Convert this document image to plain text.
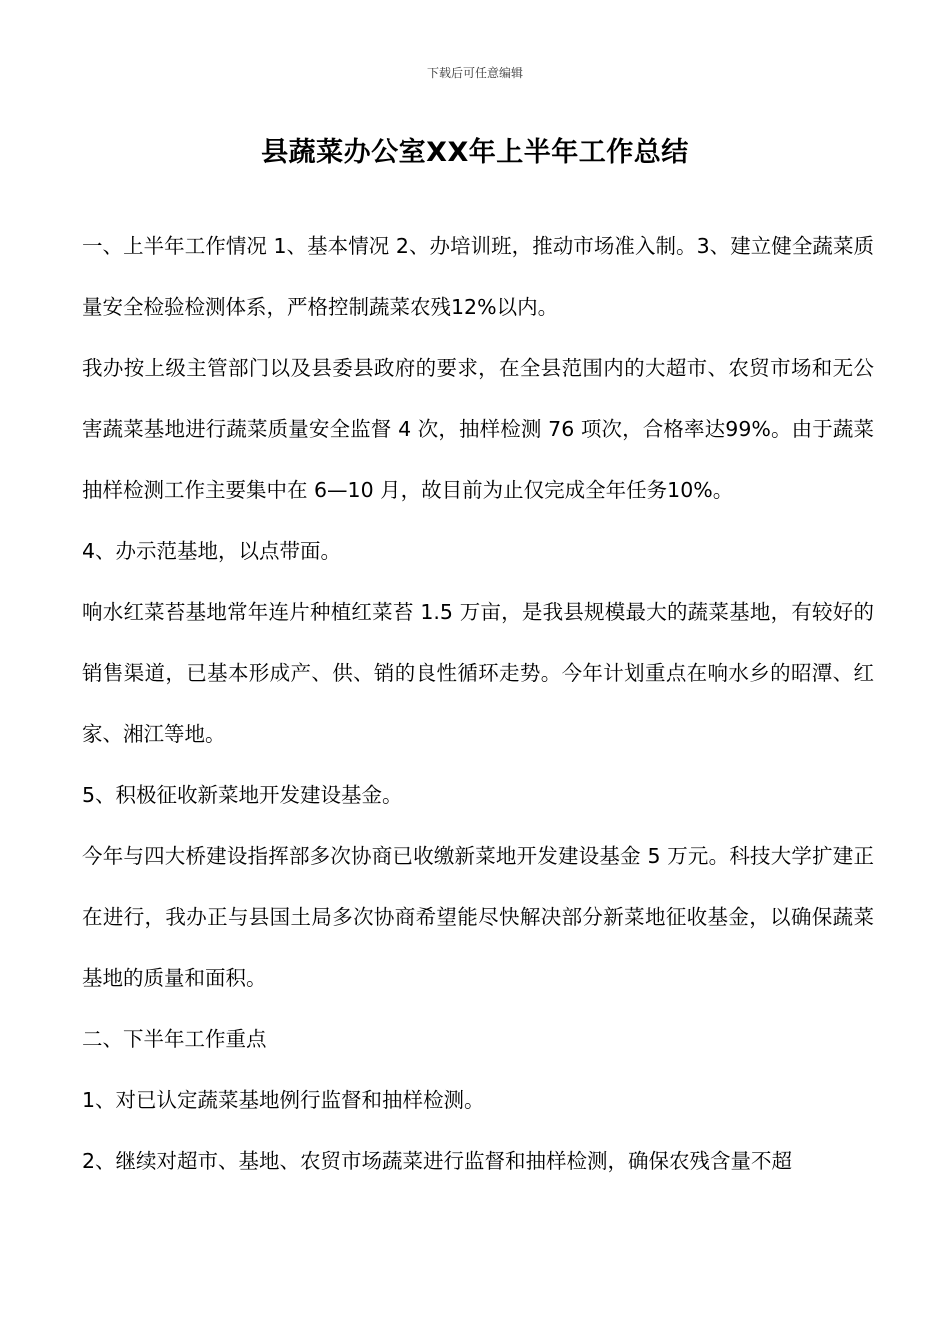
下载后可任意编辑
县蔬菜办公室XX年上半年工作总结

一、上半年工作情况 1、基本情况 2、办培训班，推动市场准入制。3、建立健全蔬菜质量安全检验检测体系，严格控制蔬菜农残12%以内。

我办按上级主管部门以及县委县政府的要求，在全县范围内的大超市、农贸市场和无公害蔬菜基地进行蔬菜质量安全监督 4 次，抽样检测 76 项次，合格率达99%。由于蔬菜抽样检测工作主要集中在 6—10 月，故目前为止仅完成全年任务10%。

4、办示范基地，以点带面。

响水红菜苔基地常年连片种植红菜苔 1.5 万亩，是我县规模最大的蔬菜基地，有较好的销售渠道，已基本形成产、供、销的良性循环走势。今年计划重点在响水乡的昭潭、红家、湘江等地。

5、积极征收新菜地开发建设基金。

今年与四大桥建设指挥部多次协商已收缴新菜地开发建设基金 5 万元。科技大学扩建正在进行，我办正与县国土局多次协商希望能尽快解决部分新菜地征收基金，以确保蔬菜基地的质量和面积。

二、下半年工作重点

1、对已认定蔬菜基地例行监督和抽样检测。

2、继续对超市、基地、农贸市场蔬菜进行监督和抽样检测，确保农残含量不超
